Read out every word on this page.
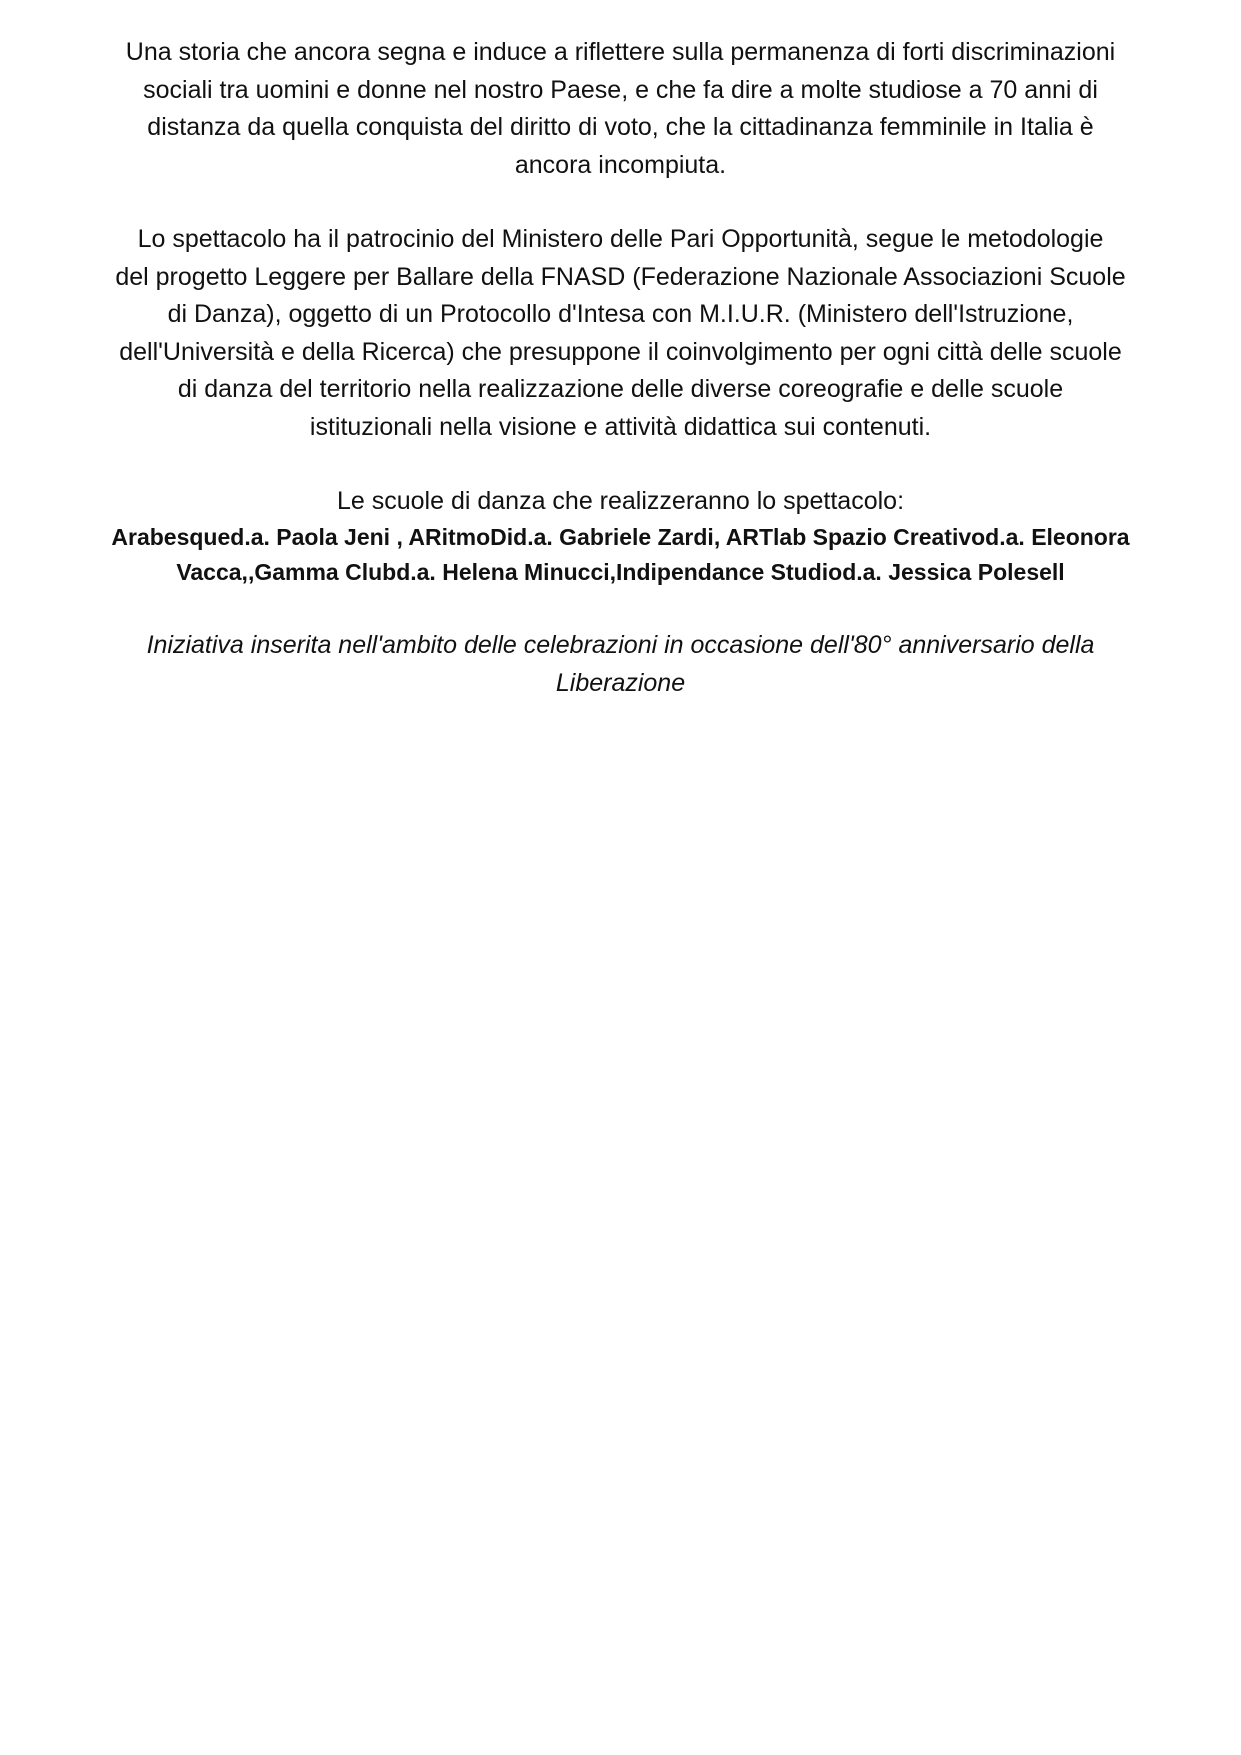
Una storia che ancora segna e induce a riflettere sulla permanenza di forti discriminazioni
sociali tra uomini e donne nel nostro Paese, e che fa dire a molte studiose a 70 anni di
distanza da quella conquista del diritto di voto, che la cittadinanza femminile in Italia è
ancora incompiuta.

Lo spettacolo ha il patrocinio del Ministero delle Pari Opportunità, segue le metodologie
del progetto Leggere per Ballare della FNASD (Federazione Nazionale Associazioni Scuole
di Danza), oggetto di un Protocollo d'Intesa con M.I.U.R. (Ministero dell'Istruzione,
dell'Università e della Ricerca) che presuppone il coinvolgimento per ogni città delle scuole
di danza del territorio nella realizzazione delle diverse coreografie e delle scuole
istituzionali nella visione e attività didattica sui contenuti.

Le scuole di danza che realizzeranno lo spettacolo:

Arabesqued.a. Paola Jeni , ARitmoDid.a. Gabriele Zardi, ARTlab Spazio Creativod.a. Eleonora
Vacca,,Gamma Clubd.a. Helena Minucci,Indipendance Studiod.a. Jessica Polesell

Iniziativa inserita nell'ambito delle celebrazioni in occasione dell'80° anniversario della
Liberazione
